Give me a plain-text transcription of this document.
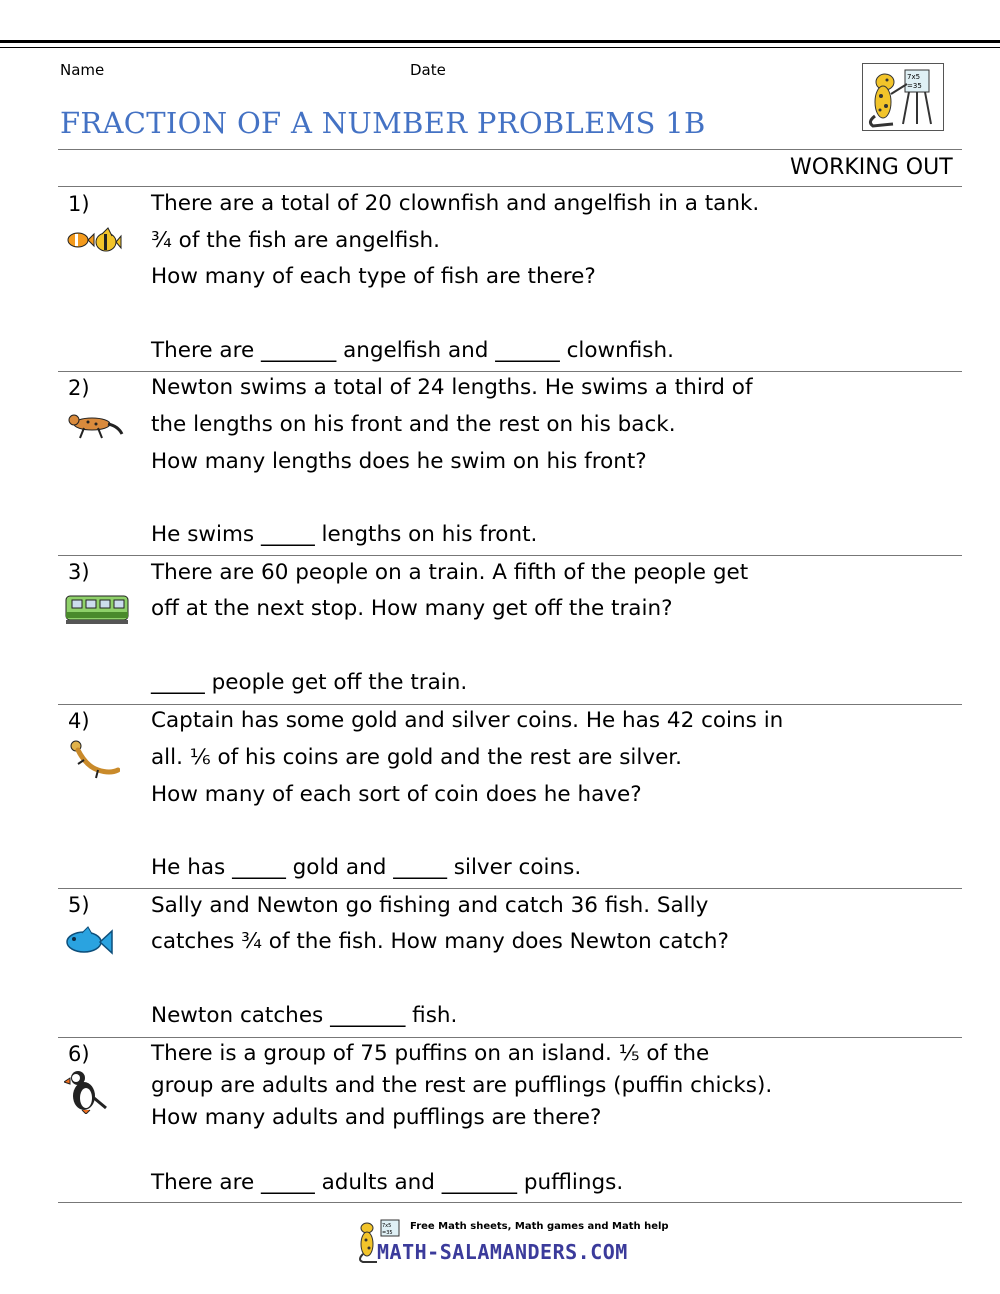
Name	Date	7x5
=35
FRACTION OF A NUMBER PROBLEMS 1B
WORKING OUT
1)	There are a total of 20 clownfish and angelfish in a tank.
¾ of the fish are angelfish.
How many of each type of fish are there?
There are _______ angelfish and ______ clownfish.
2)	Newton swims a total of 24 lengths. He swims a third of
the lengths on his front and the rest on his back.
How many lengths does he swim on his front?
He swims _____ lengths on his front.
3)	There are 60 people on a train. A fifth of the people get
off at the next stop. How many get off the train?
_____ people get off the train.
4)	Captain has some gold and silver coins. He has 42 coins in
all. ⅙ of his coins are gold and the rest are silver.
How many of each sort of coin does he have?
He has _____ gold and _____ silver coins.
5)	Sally and Newton go fishing and catch 36 fish. Sally
catches ¾ of the fish. How many does Newton catch?
Newton catches _______ fish.
6)	There is a group of 75 puffins on an island. ⅕ of the
group are adults and the rest are pufflings (puffin chicks).
How many adults and pufflings are there?
There are _____ adults and _______ pufflings.
7x5
=35
Free Math sheets, Math games and Math help
MATH-SALAMANDERS.COM
